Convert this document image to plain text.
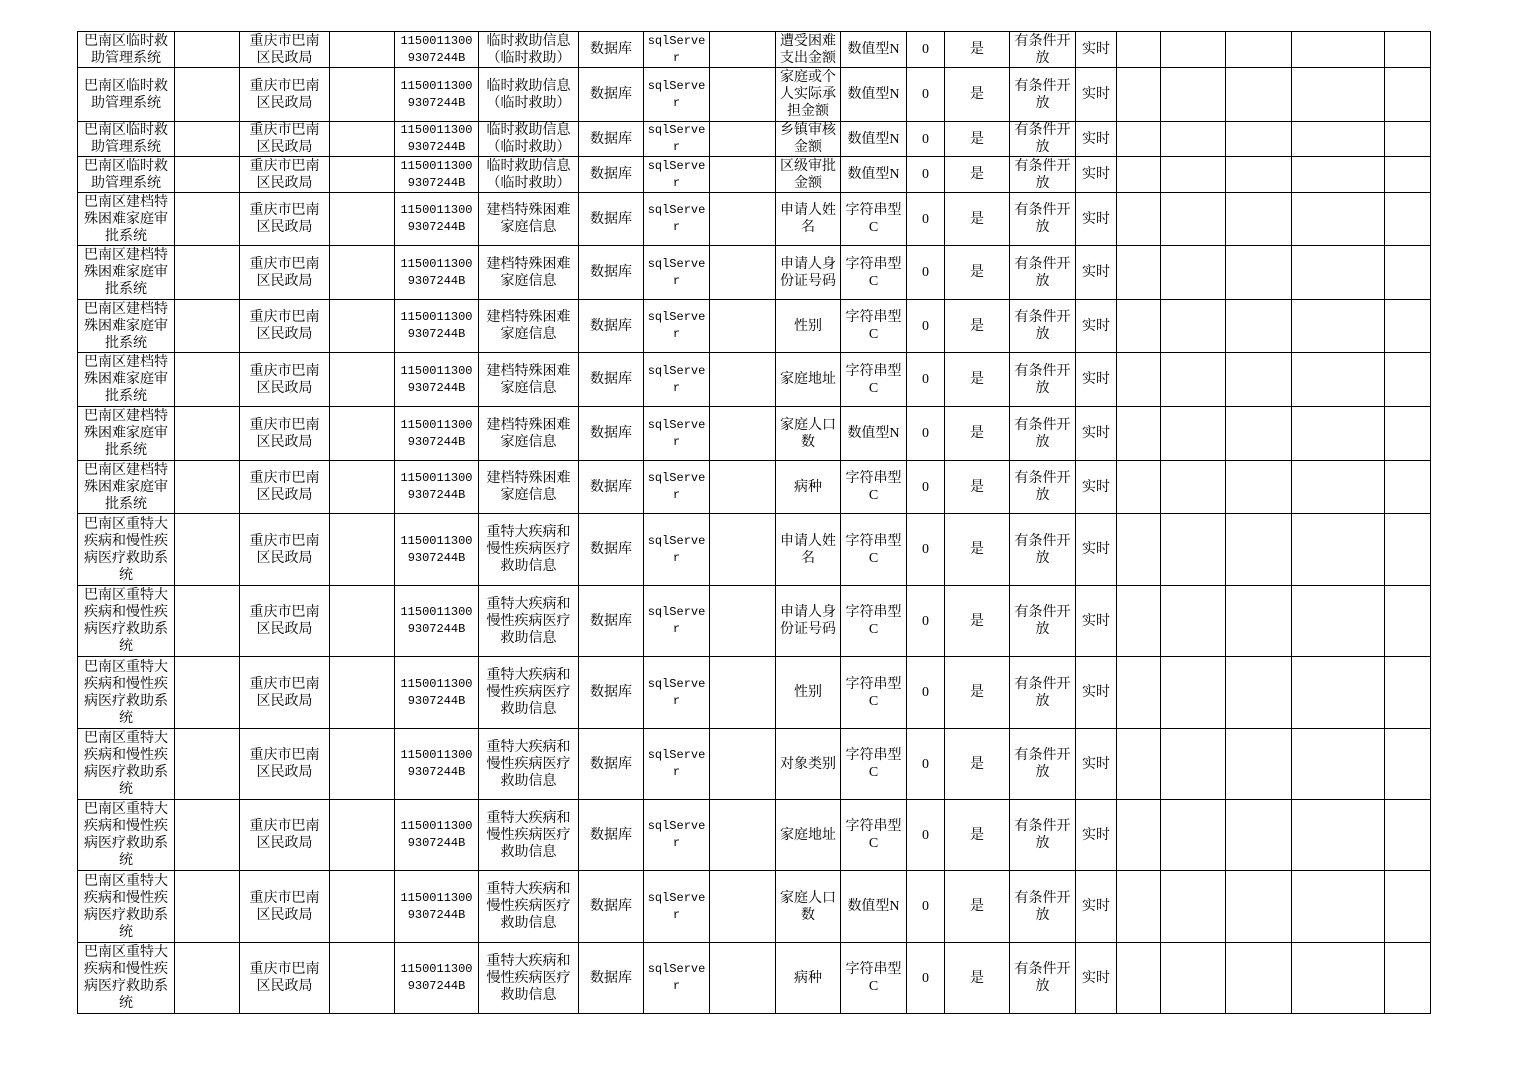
巴南区临时救助管理系统		重庆市巴南区民政局		11500113009307244B	临时救助信息（临时救助）	数据库	sqlServer		遭受困难支出金额	数值型N	0	是	有条件开放	实时					
巴南区临时救助管理系统		重庆市巴南区民政局		11500113009307244B	临时救助信息（临时救助）	数据库	sqlServer		家庭或个人实际承担金额	数值型N	0	是	有条件开放	实时					
巴南区临时救助管理系统		重庆市巴南区民政局		11500113009307244B	临时救助信息（临时救助）	数据库	sqlServer		乡镇审核金额	数值型N	0	是	有条件开放	实时					
巴南区临时救助管理系统		重庆市巴南区民政局		11500113009307244B	临时救助信息（临时救助）	数据库	sqlServer		区级审批金额	数值型N	0	是	有条件开放	实时					
巴南区建档特殊困难家庭审批系统		重庆市巴南区民政局		11500113009307244B	建档特殊困难家庭信息	数据库	sqlServer		申请人姓名	字符串型C	0	是	有条件开放	实时					
巴南区建档特殊困难家庭审批系统		重庆市巴南区民政局		11500113009307244B	建档特殊困难家庭信息	数据库	sqlServer		申请人身份证号码	字符串型C	0	是	有条件开放	实时					
巴南区建档特殊困难家庭审批系统		重庆市巴南区民政局		11500113009307244B	建档特殊困难家庭信息	数据库	sqlServer		性别	字符串型C	0	是	有条件开放	实时					
巴南区建档特殊困难家庭审批系统		重庆市巴南区民政局		11500113009307244B	建档特殊困难家庭信息	数据库	sqlServer		家庭地址	字符串型C	0	是	有条件开放	实时					
巴南区建档特殊困难家庭审批系统		重庆市巴南区民政局		11500113009307244B	建档特殊困难家庭信息	数据库	sqlServer		家庭人口数	数值型N	0	是	有条件开放	实时					
巴南区建档特殊困难家庭审批系统		重庆市巴南区民政局		11500113009307244B	建档特殊困难家庭信息	数据库	sqlServer		病种	字符串型C	0	是	有条件开放	实时					
巴南区重特大疾病和慢性疾病医疗救助系统		重庆市巴南区民政局		11500113009307244B	重特大疾病和慢性疾病医疗救助信息	数据库	sqlServer		申请人姓名	字符串型C	0	是	有条件开放	实时					
巴南区重特大疾病和慢性疾病医疗救助系统		重庆市巴南区民政局		11500113009307244B	重特大疾病和慢性疾病医疗救助信息	数据库	sqlServer		申请人身份证号码	字符串型C	0	是	有条件开放	实时					
巴南区重特大疾病和慢性疾病医疗救助系统		重庆市巴南区民政局		11500113009307244B	重特大疾病和慢性疾病医疗救助信息	数据库	sqlServer		性别	字符串型C	0	是	有条件开放	实时					
巴南区重特大疾病和慢性疾病医疗救助系统		重庆市巴南区民政局		11500113009307244B	重特大疾病和慢性疾病医疗救助信息	数据库	sqlServer		对象类别	字符串型C	0	是	有条件开放	实时					
巴南区重特大疾病和慢性疾病医疗救助系统		重庆市巴南区民政局		11500113009307244B	重特大疾病和慢性疾病医疗救助信息	数据库	sqlServer		家庭地址	字符串型C	0	是	有条件开放	实时					
巴南区重特大疾病和慢性疾病医疗救助系统		重庆市巴南区民政局		11500113009307244B	重特大疾病和慢性疾病医疗救助信息	数据库	sqlServer		家庭人口数	数值型N	0	是	有条件开放	实时					
巴南区重特大疾病和慢性疾病医疗救助系统		重庆市巴南区民政局		11500113009307244B	重特大疾病和慢性疾病医疗救助信息	数据库	sqlServer		病种	字符串型C	0	是	有条件开放	实时					
